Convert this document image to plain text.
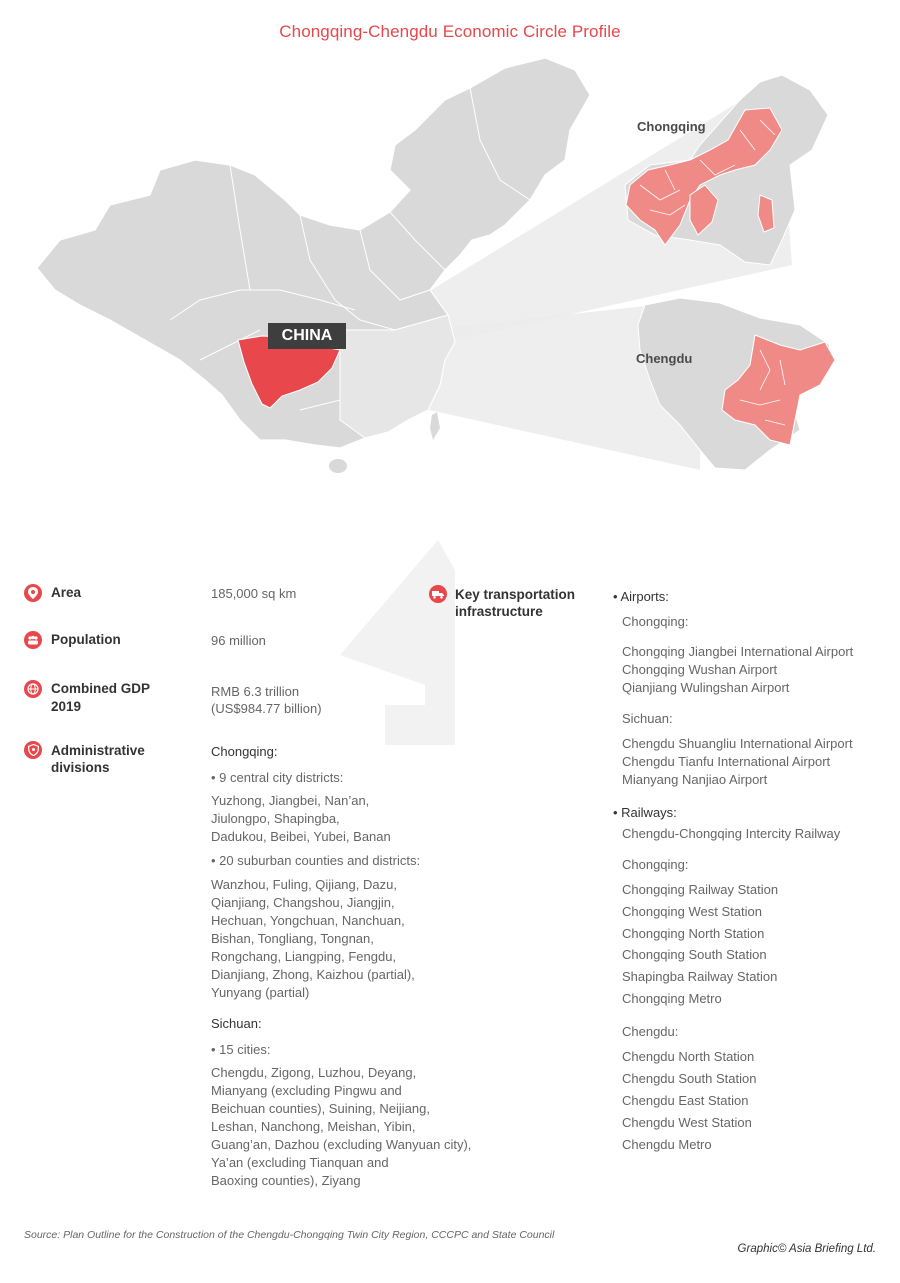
Chongqing-Chengdu Economic Circle Profile
Chongqing
Chengdu
CHINA
Area	185,000 sq km
Population	96 million
Combined GDP
2019
RMB 6.3 trillion
(US$984.77 billion)
Administrative
divisions
Chongqing:
• 9 central city districts:
Yuzhong, Jiangbei, Nan’an,
Jiulongpo, Shapingba,
Dadukou, Beibei, Yubei, Banan
• 20 suburban counties and districts:
Wanzhou, Fuling, Qijiang, Dazu,
Qianjiang, Changshou, Jiangjin,
Hechuan, Yongchuan, Nanchuan,
Bishan, Tongliang, Tongnan,
Rongchang, Liangping, Fengdu,
Dianjiang, Zhong, Kaizhou (partial),
Yunyang (partial)
Sichuan:
• 15 cities:
Chengdu, Zigong, Luzhou, Deyang,
Mianyang (excluding Pingwu and
Beichuan counties), Suining, Neijiang,
Leshan, Nanchong, Meishan, Yibin,
Guang’an, Dazhou (excluding Wanyuan city),
Ya’an (excluding Tianquan and
Baoxing counties), Ziyang
Key transportation
infrastructure
• Airports:
Chongqing:
Chongqing Jiangbei International Airport
Chongqing Wushan Airport
Qianjiang Wulingshan Airport
Sichuan:
Chengdu Shuangliu International Airport
Chengdu Tianfu International Airport
Mianyang Nanjiao Airport
• Railways:
Chengdu-Chongqing Intercity Railway
Chongqing:
Chongqing Railway Station
Chongqing West Station
Chongqing North Station
Chongqing South Station
Shapingba Railway Station
Chongqing Metro
Chengdu:
Chengdu North Station
Chengdu South Station
Chengdu East Station
Chengdu West Station
Chengdu Metro
Source: Plan Outline for the Construction of the Chengdu-Chongqing Twin City Region, CCCPC and State Council
Graphic© Asia Briefing Ltd.
